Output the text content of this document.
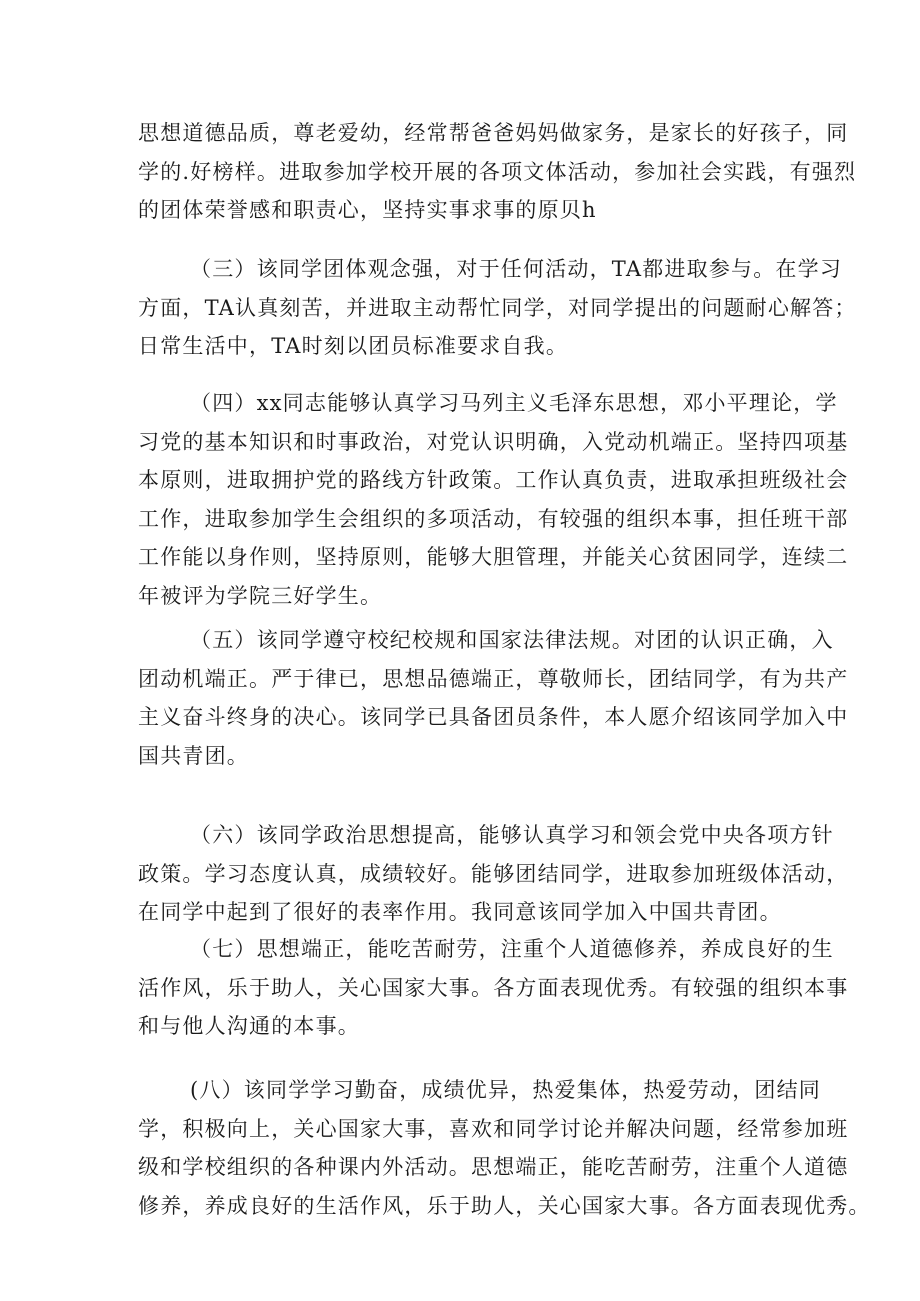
思想道德品质，尊老爱幼，经常帮爸爸妈妈做家务，是家长的好孩子，同
学的.好榜样。进取参加学校开展的各项文体活动，参加社会实践，有强烈
的团体荣誉感和职责心，坚持实事求事的原贝h

（三）该同学团体观念强，对于任何活动，TA都进取参与。在学习
方面，TA认真刻苦，并进取主动帮忙同学，对同学提出的问题耐心解答；
日常生活中，TA时刻以团员标准要求自我。

（四）xx同志能够认真学习马列主义毛泽东思想，邓小平理论，学
习党的基本知识和时事政治，对党认识明确，入党动机端正。坚持四项基
本原则，进取拥护党的路线方针政策。工作认真负责，进取承担班级社会
工作，进取参加学生会组织的多项活动，有较强的组织本事，担任班干部
工作能以身作则，坚持原则，能够大胆管理，并能关心贫困同学，连续二
年被评为学院三好学生。

（五）该同学遵守校纪校规和国家法律法规。对团的认识正确，入
团动机端正。严于律已，思想品德端正，尊敬师长，团结同学，有为共产
主义奋斗终身的决心。该同学已具备团员条件，本人愿介绍该同学加入中
国共青团。

（六）该同学政治思想提高，能够认真学习和领会党中央各项方针
政策。学习态度认真，成绩较好。能够团结同学，进取参加班级体活动，
在同学中起到了很好的表率作用。我同意该同学加入中国共青团。

（七）思想端正，能吃苦耐劳，注重个人道德修养，养成良好的生
活作风，乐于助人，关心国家大事。各方面表现优秀。有较强的组织本事
和与他人沟通的本事。

(八）该同学学习勤奋，成绩优异，热爱集体，热爱劳动，团结同
学，积极向上，关心国家大事，喜欢和同学讨论并解决问题，经常参加班
级和学校组织的各种课内外活动。思想端正，能吃苦耐劳，注重个人道德
修养，养成良好的生活作风，乐于助人，关心国家大事。各方面表现优秀。
